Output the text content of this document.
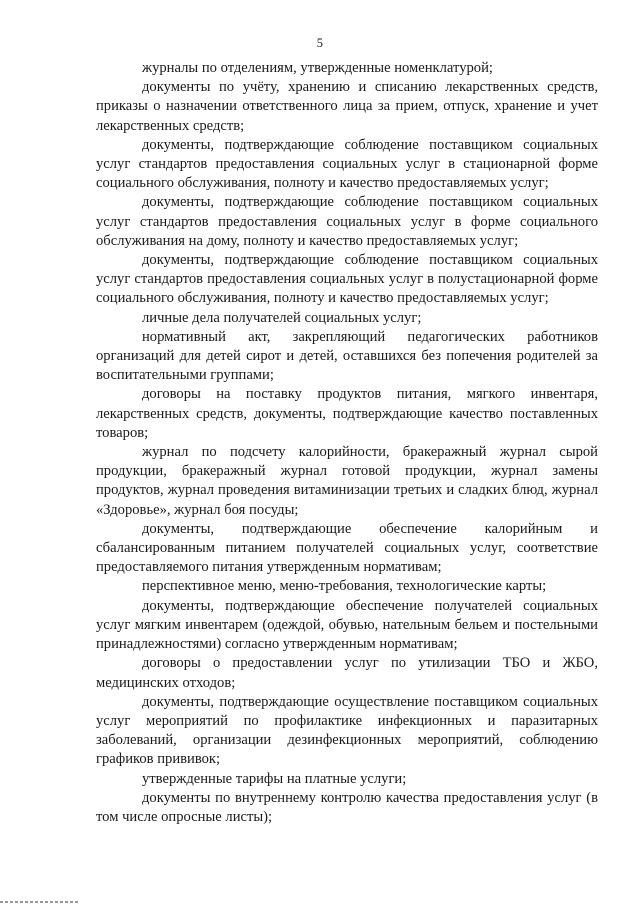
5

журналы по отделениям, утвержденные номенклатурой;

документы по учёту, хранению и списанию лекарственных средств, приказы о назначении ответственного лица за прием, отпуск, хранение и учет лекарственных средств;

документы, подтверждающие соблюдение поставщиком социальных услуг стандартов предоставления социальных услуг в стационарной форме социального обслуживания, полноту и качество предоставляемых услуг;

документы, подтверждающие соблюдение поставщиком социальных услуг стандартов предоставления социальных услуг в форме социального обслуживания на дому, полноту и качество предоставляемых услуг;

документы, подтверждающие соблюдение поставщиком социальных услуг стандартов предоставления социальных услуг в полустационарной форме социального обслуживания, полноту и качество предоставляемых услуг;

личные дела получателей социальных услуг;

нормативный акт, закрепляющий педагогических работников организаций для детей сирот и детей, оставшихся без попечения родителей за воспитательными группами;

договоры на поставку продуктов питания, мягкого инвентаря, лекарственных средств, документы, подтверждающие качество поставленных товаров;

журнал по подсчету калорийности, бракеражный журнал сырой продукции, бракеражный журнал готовой продукции, журнал замены продуктов, журнал проведения витаминизации третьих и сладких блюд, журнал «Здоровье», журнал боя посуды;

документы, подтверждающие обеспечение калорийным и сбалансированным питанием получателей социальных услуг, соответствие предоставляемого питания утвержденным нормативам;

перспективное меню, меню-требования, технологические карты;

документы, подтверждающие обеспечение получателей социальных услуг мягким инвентарем (одеждой, обувью, нательным бельем и постельными принадлежностями) согласно утвержденным нормативам;

договоры о предоставлении услуг по утилизации ТБО и ЖБО, медицинских отходов;

документы, подтверждающие осуществление поставщиком социальных услуг мероприятий по профилактике инфекционных и паразитарных заболеваний, организации дезинфекционных мероприятий, соблюдению графиков прививок;

утвержденные тарифы на платные услуги;

документы по внутреннему контролю качества предоставления услуг (в том числе опросные листы);
